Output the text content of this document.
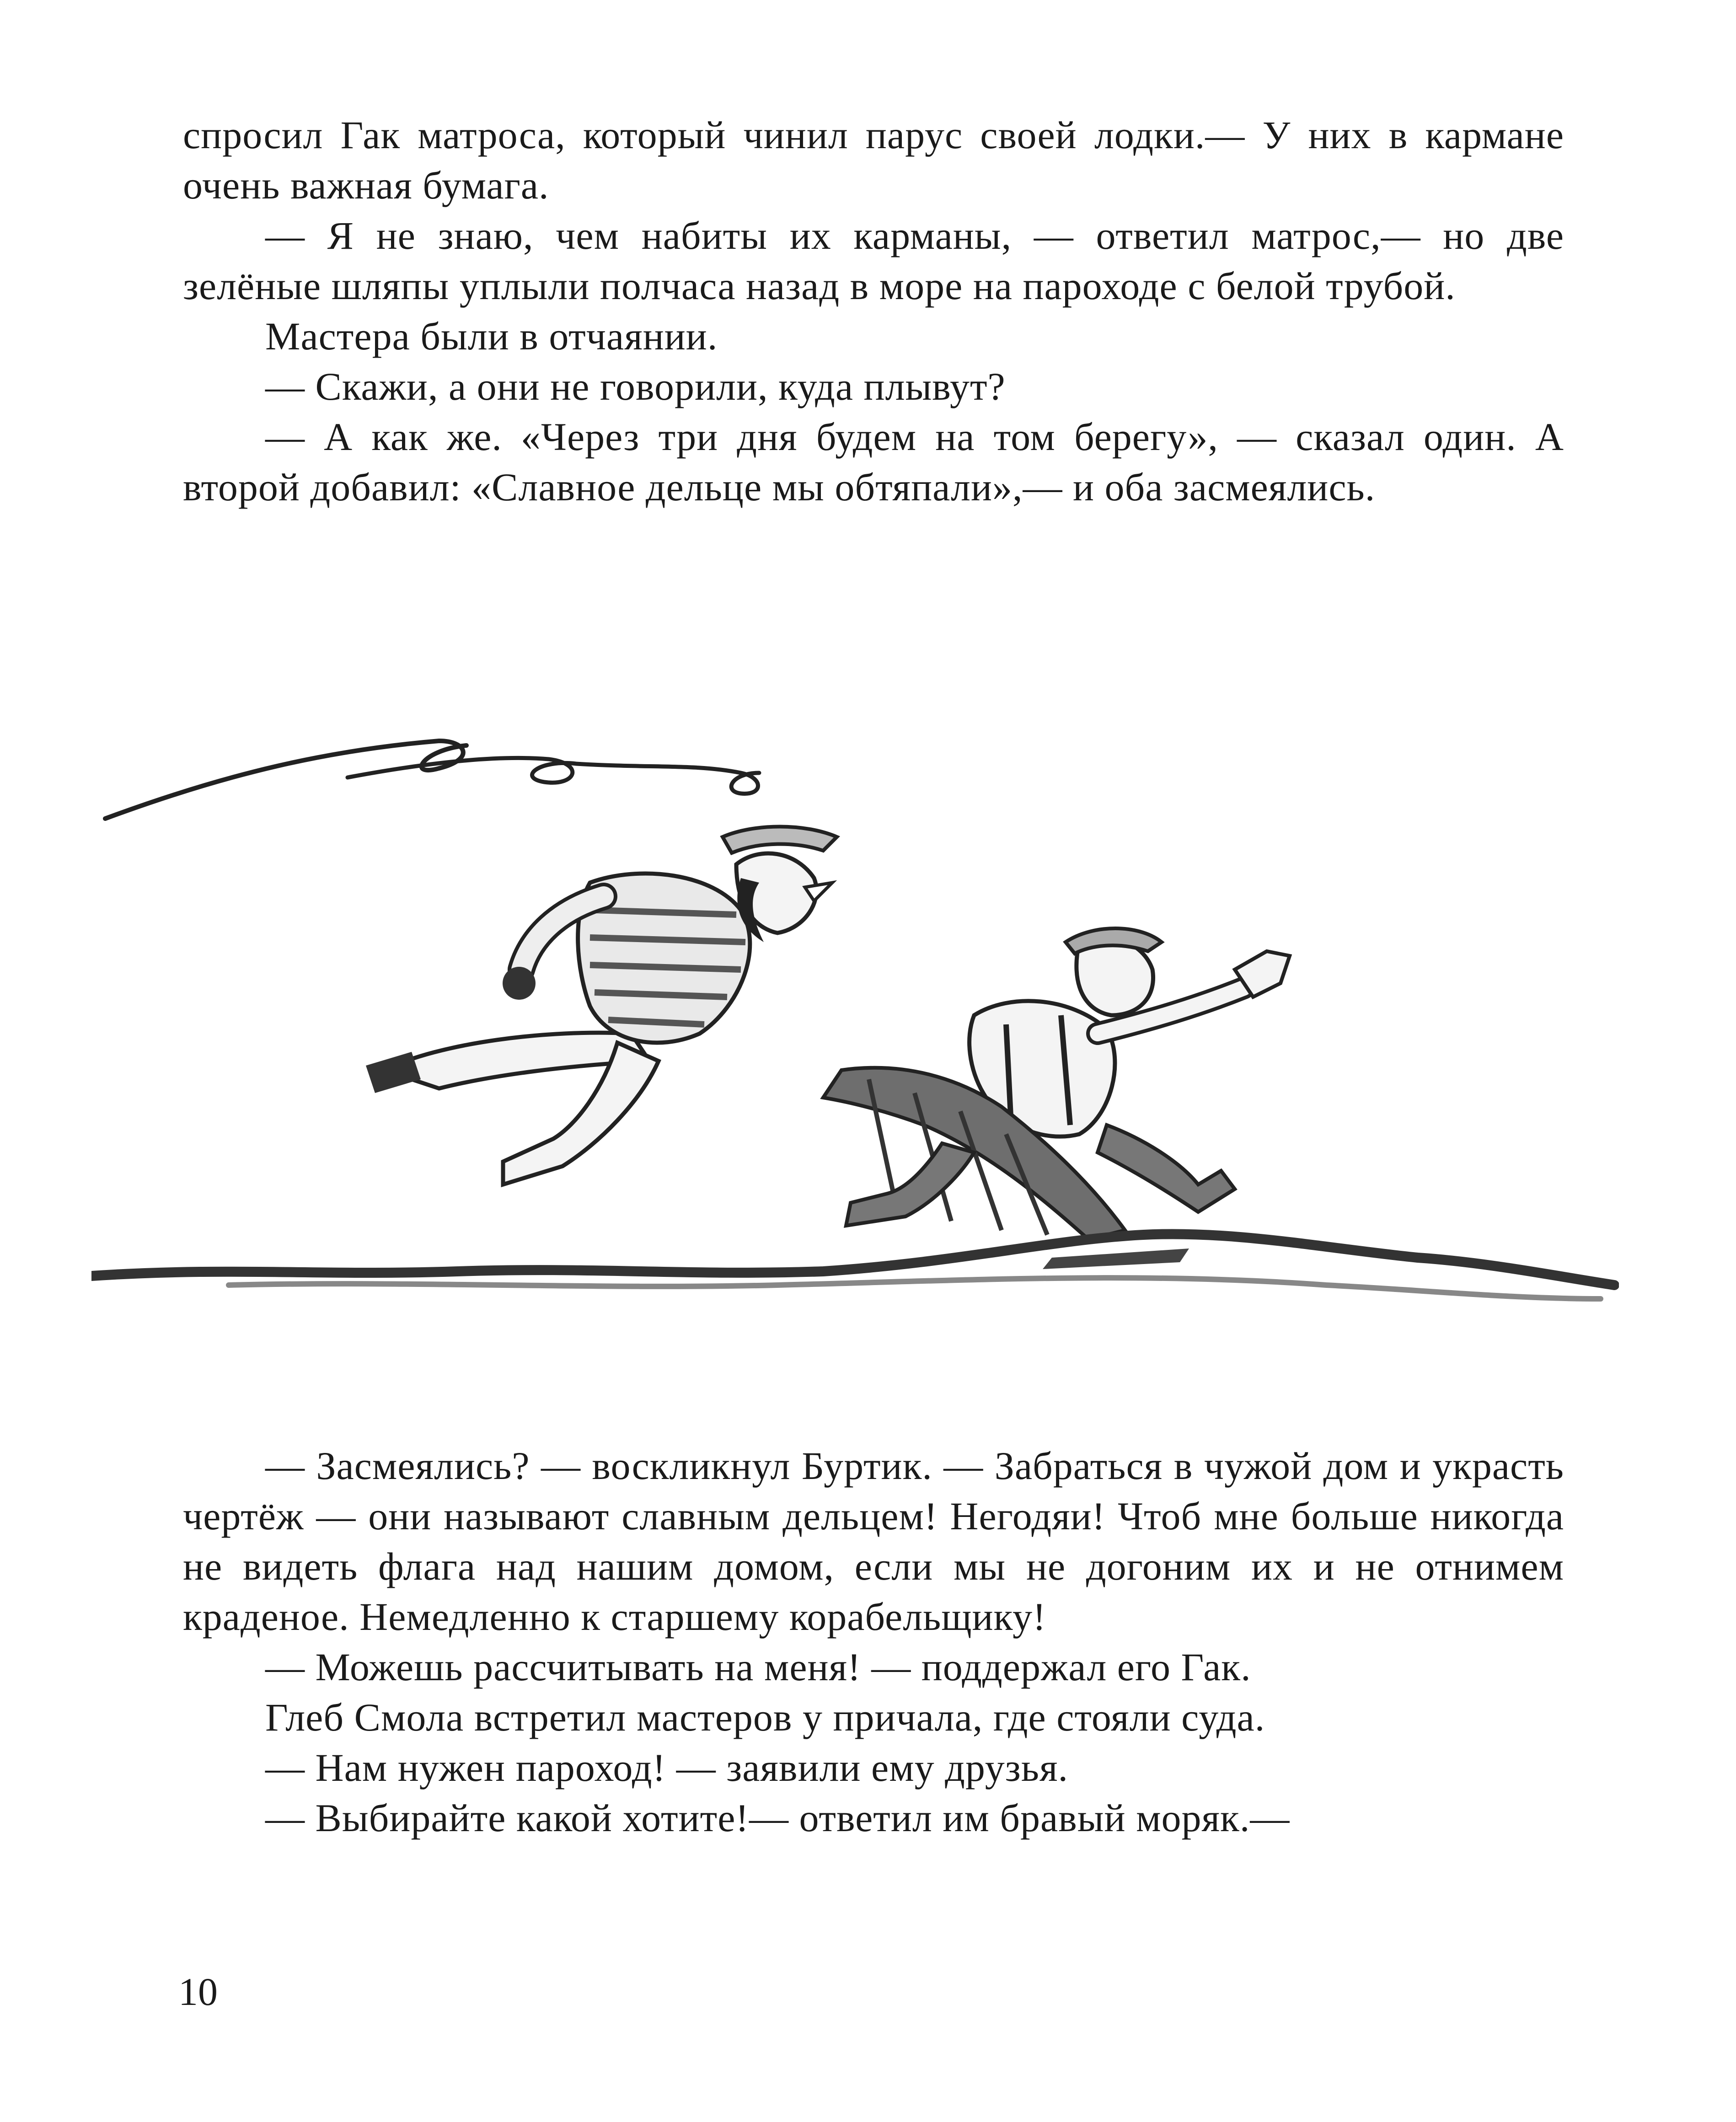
спросил Гак матроса, который чинил парус своей лодки.— У них в кармане очень важная бумага.

— Я не знаю, чем набиты их карманы, — ответил матрос,— но две зелёные шляпы уплыли полчаса назад в море на пароходе с белой трубой.

Мастера были в отчаянии.

— Скажи, а они не говорили, куда плывут?

— А как же. «Через три дня будем на том берегу», — сказал один. А второй добавил: «Славное дельце мы обтяпали»,— и оба засмеялись.

— Засмеялись? — воскликнул Буртик. — Забраться в чужой дом и украсть чертёж — они называют славным дельцем! Негодяи! Чтоб мне больше никогда не видеть флага над нашим домом, если мы не догоним их и не отнимем краденое. Немедленно к старшему корабельщику!

— Можешь рассчитывать на меня! — поддержал его Гак.

Глеб Смола встретил мастеров у причала, где стояли суда.

— Нам нужен пароход! — заявили ему друзья.

— Выбирайте какой хотите!— ответил им бравый моряк.—

10
